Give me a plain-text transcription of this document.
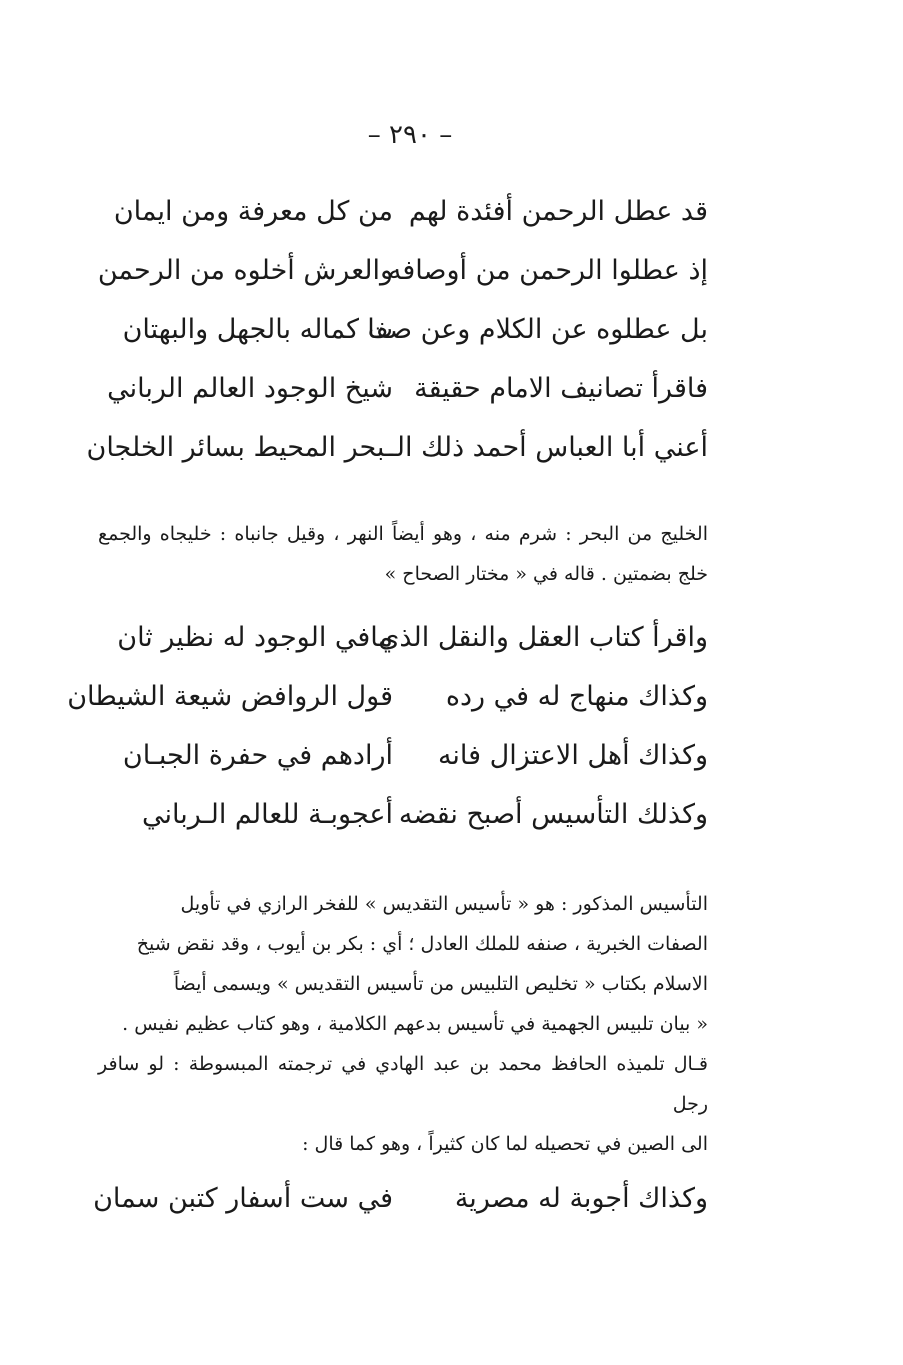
– ٢٩٠ –
قد عطل الرحمن أفئدة لهم
من كل معرفة ومن ايمان
إذ عطلوا الرحمن من أوصافه
والعرش أخلوه من الرحمن
بل عطلوه عن الكلام وعن صفا
ت كماله بالجهل والبهتان
فاقرأ تصانيف الامام حقيقة
شيخ الوجود العالم الرباني
أعني أبا العباس أحمد ذلك الـ
ـبحر المحيط بسائر الخلجان

الخليج من البحر : شرم منه ، وهو أيضاً النهر ، وقيل جانباه : خليجاه والجمع خلج بضمتين . قاله في « مختار الصحاح »

واقرأ كتاب العقل والنقل الذي
مافي الوجود له نظير ثان
وكذاك منهاج له في رده
قول الروافض شيعة الشيطان
وكذاك أهل الاعتزال فانه
أرادهم في حفرة الجبـان
وكذلك التأسيس أصبح نقضه
أعجوبـة للعالم الـرباني

التأسيس المذكور : هو « تأسيس التقديس » للفخر الرازي في تأويل

الصفات الخبرية ، صنفه للملك العادل ؛ أي : بكر بن أيوب ، وقد نقض شيخ

الاسلام بكتاب « تخليص التلبيس من تأسيس التقديس » ويسمى أيضاً

« بيان تلبيس الجهمية في تأسيس بدعهم الكلامية ، وهو كتاب عظيم نفيس .

قـال تلميذه الحافظ محمد بن عبد الهادي في ترجمته المبسوطة : لو سافر رجل

الى الصين في تحصيله لما كان كثيراً ، وهو كما قال :

وكذاك أجوبة له مصرية
في ست أسفار كتبن سمان
